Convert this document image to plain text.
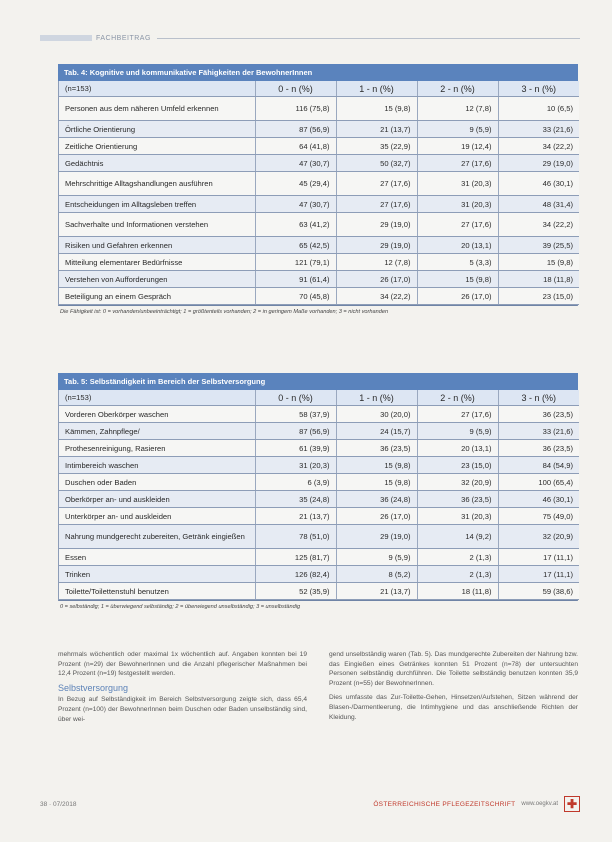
FACHBEITRAG
Tab. 4: Kognitive und kommunikative Fähigkeiten der BewohnerInnen
(n=153)	0 - n (%)	1 - n (%)	2 - n (%)	3 - n (%)
Personen aus dem näheren Umfeld erkennen	116 (75,8)	15 (9,8)	12 (7,8)	10 (6,5)
Örtliche Orientierung	87 (56,9)	21 (13,7)	9 (5,9)	33 (21,6)
Zeitliche Orientierung	64 (41,8)	35 (22,9)	19 (12,4)	34 (22,2)
Gedächtnis	47 (30,7)	50 (32,7)	27 (17,6)	29 (19,0)
Mehrschrittige Alltagshandlungen ausführen	45 (29,4)	27 (17,6)	31 (20,3)	46 (30,1)
Entscheidungen im Alltagsleben treffen	47 (30,7)	27 (17,6)	31 (20,3)	48 (31,4)
Sachverhalte und Informationen verstehen	63 (41,2)	29 (19,0)	27 (17,6)	34 (22,2)
Risiken und Gefahren erkennen	65 (42,5)	29 (19,0)	20 (13,1)	39 (25,5)
Mitteilung elementarer Bedürfnisse	121 (79,1)	12 (7,8)	5 (3,3)	15 (9,8)
Verstehen von Aufforderungen	91 (61,4)	26 (17,0)	15 (9,8)	18 (11,8)
Beteiligung an einem Gespräch	70 (45,8)	34 (22,2)	26 (17,0)	23 (15,0)
Die Fähigkeit ist: 0 = vorhanden/unbeeinträchtigt; 1 = größtenteils vorhanden; 2 = in geringem Maße vorhanden; 3 = nicht vorhanden
Tab. 5: Selbständigkeit im Bereich der Selbstversorgung
(n=153)	0 - n (%)	1 - n (%)	2 - n (%)	3 - n (%)
Vorderen Oberkörper waschen	58 (37,9)	30 (20,0)	27 (17,6)	36 (23,5)
Kämmen, Zahnpflege/	87 (56,9)	24 (15,7)	9 (5,9)	33 (21,6)
Prothesenreinigung, Rasieren	61 (39,9)	36 (23,5)	20 (13,1)	36 (23,5)
Intimbereich waschen	31 (20,3)	15 (9,8)	23 (15,0)	84 (54,9)
Duschen oder Baden	6 (3,9)	15 (9,8)	32 (20,9)	100 (65,4)
Oberkörper an- und auskleiden	35 (24,8)	36 (24,8)	36 (23,5)	46 (30,1)
Unterkörper an- und auskleiden	21 (13,7)	26 (17,0)	31 (20,3)	75 (49,0)
Nahrung mundgerecht zubereiten, Getränk eingießen	78 (51,0)	29 (19,0)	14 (9,2)	32 (20,9)
Essen	125 (81,7)	9 (5,9)	2 (1,3)	17 (11,1)
Trinken	126 (82,4)	8 (5,2)	2 (1,3)	17 (11,1)
Toilette/Toilettenstuhl benutzen	52 (35,9)	21 (13,7)	18 (11,8)	59 (38,6)
0 = selbständig; 1 = überwiegend selbständig; 2 = überwiegend unselbständig; 3 = unselbständig

mehrmals wöchentlich oder maximal 1x wöchentlich auf. Angaben konnten bei 19 Prozent (n=29) der BewohnerInnen und die Anzahl pflegerischer Maßnahmen bei 12,4 Prozent (n=19) festgestellt werden.

Selbstversorgung

In Bezug auf Selbständigkeit im Bereich Selbstversorgung zeigte sich, dass 65,4 Prozent (n=100) der BewohnerInnen beim Duschen oder Baden unselbständig sind, über wei-

gend unselbständig waren (Tab. 5). Das mundgerechte Zubereiten der Nahrung bzw. das Eingießen eines Getränkes konnten 51 Prozent (n=78) der untersuchten Personen selbständig durchführen. Die Toilette selbständig benutzen konnten 35,9 Prozent (n=55) der BewohnerInnen.

Dies umfasste das Zur-Toilette-Gehen, Hinsetzen/Aufstehen, Sitzen während der Blasen-/Darmentleerung, die Intimhygiene und das anschließende Richten der Kleidung.

38 · 07/2018	ÖSTERREICHISCHE PFLEGEZEITSCHRIFT www.oegkv.at ✚
